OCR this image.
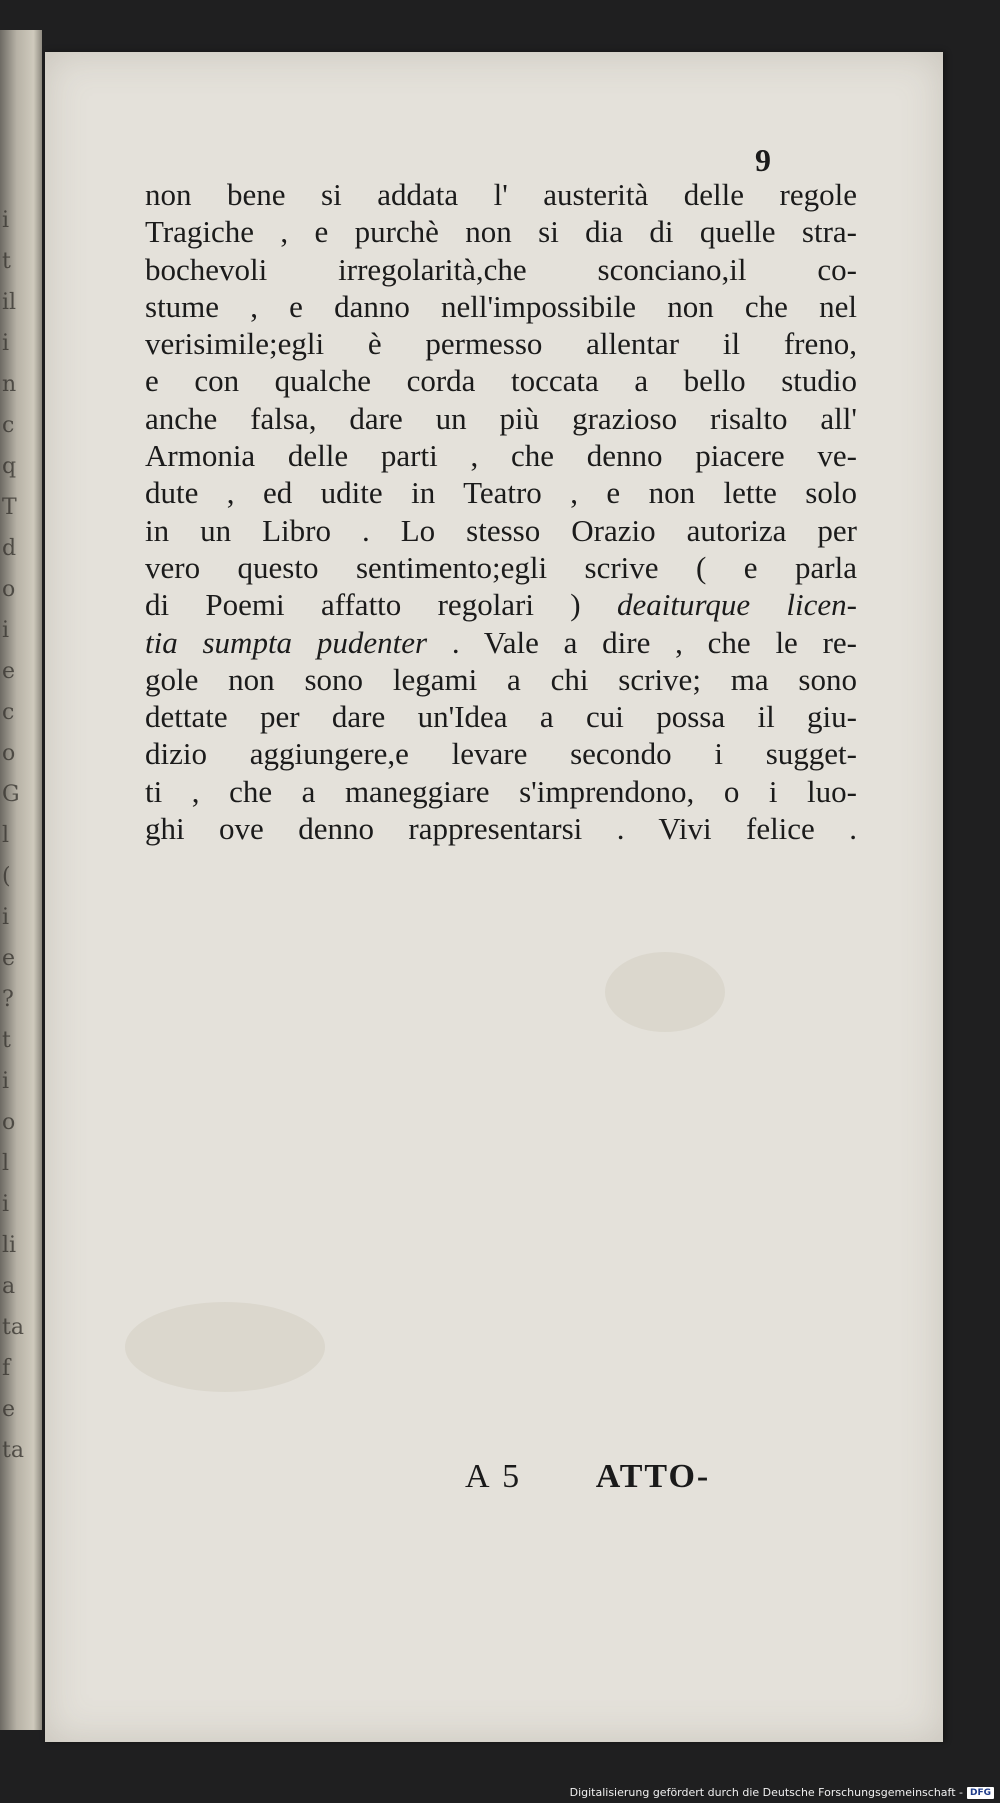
i
t
il
i
n
c
q
T
d
o
i
e
c
o
G
l
(
i
e
?
t
i
o
l
i
li
a
ta
f
e
ta
9
non bene si addata l' austerità delle regole
Tragiche , e purchè non si dia di quelle stra-
bochevoli irregolarità,che sconciano,il co-
stume , e danno nell'impossibile non che nel
verisimile;egli è permesso allentar il freno,
e con qualche corda toccata a bello studio
anche falsa, dare un più grazioso risalto all'
Armonia delle parti , che denno piacere ve-
dute , ed udite in Teatro , e non lette solo
in un Libro . Lo stesso Orazio autoriza per
vero questo sentimento;egli scrive ( e parla
di Poemi affatto regolari ) deaiturque licen-
tia sumpta pudenter . Vale a dire , che le re-
gole non sono legami a chi scrive; ma sono
dettate per dare un'Idea a cui possa il giu-
dizio aggiungere,e levare secondo i sugget-
ti , che a maneggiare s'imprendono, o i luo-
ghi ove denno rappresentarsi . Vivi felice .
A 5 ATTO-
Digitalisierung gefördert durch die Deutsche Forschungsgemeinschaft - DFG
